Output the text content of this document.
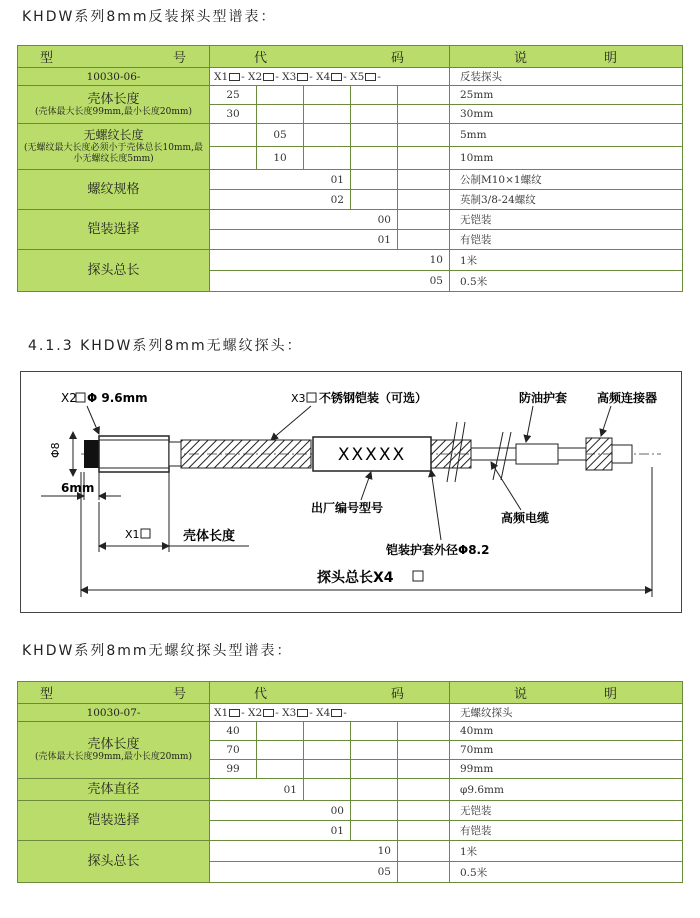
KHDW系列8mm反装探头型谱表：
型 号	代 码					说 明

10030-06-	X1 - X2 - X3 - X4 - X5 -					反装探头
壳体长度
(壳体最大长度99mm,最小长度20mm)	25					25mm
	30					30mm
无螺纹长度
(无螺纹最大长度必须小于壳体总长10mm,最小无螺纹长度5mm)		05				5mm
		10				10mm
螺纹规格	01					公制M10×1螺纹
	02					英制3/8-24螺纹
铠装选择	00					无铠装
	01					有铠装
探头总长	10					1米
	05					0.5米
4.1.3 KHDW系列8mm无螺纹探头：
X2 Φ 9.6mm
Φ8
6mm
X1	壳体长度
X3 不锈钢铠装（可选）	防油护套 高频连接器
XXXXX
出厂编号型号
高频电缆
铠装护套外径Φ8.2
探头总长X4
KHDW系列8mm无螺纹探头型谱表：
型 号	代 码					说 明

10030-07-	X1 - X2 - X3 - X4 -					无螺纹探头
壳体长度
(壳体最大长度99mm,最小长度20mm)	40					40mm
	70					70mm
	99					99mm
壳体直径	01					φ9.6mm
铠装选择	00					无铠装
	01					有铠装
探头总长	10					1米
	05					0.5米
